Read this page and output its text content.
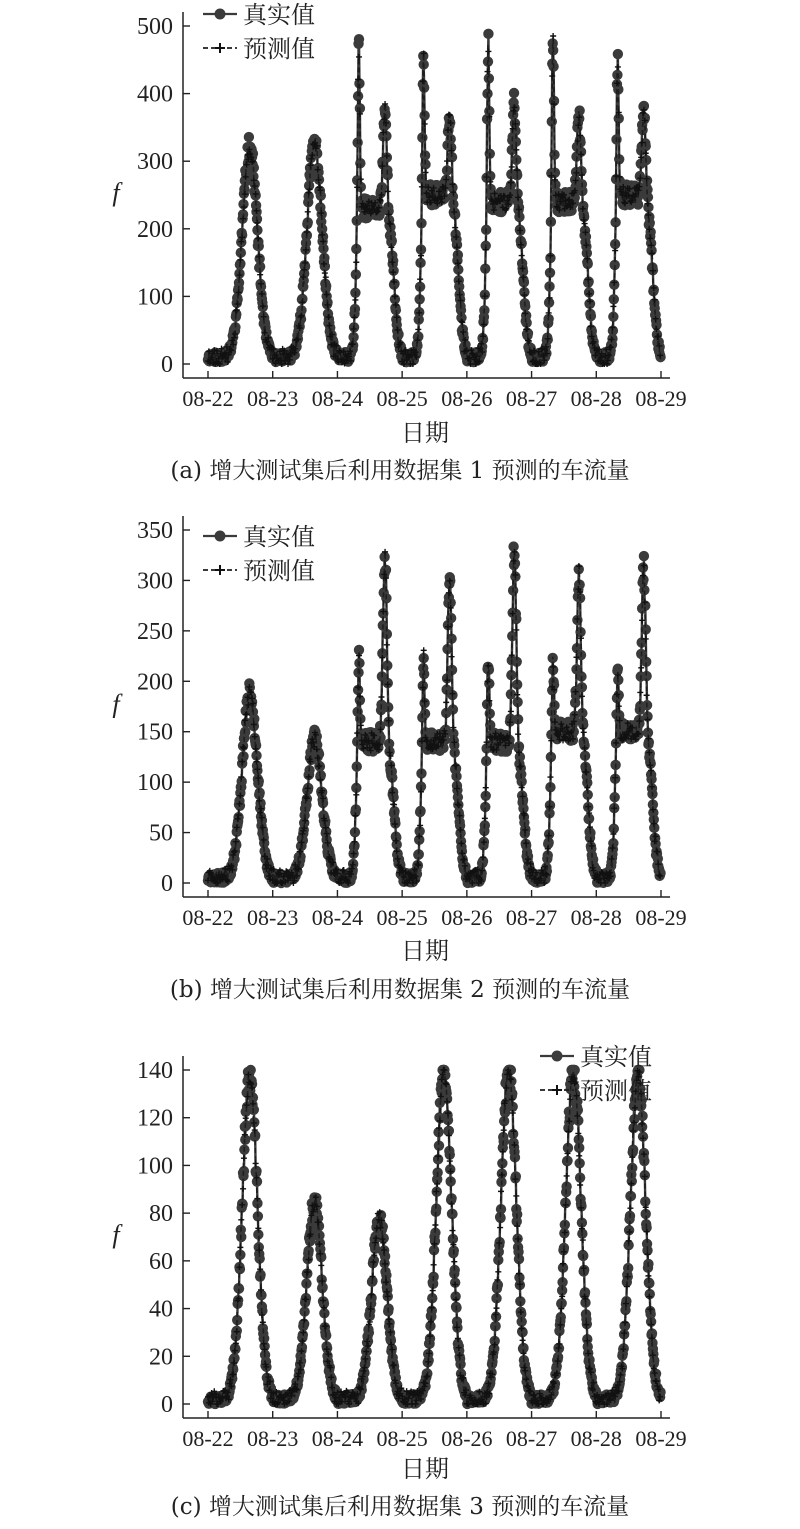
0
100
200
300
400
500
08-22 08-23 08-24 08-25 08-26 08-27 08-28 08-29
f
真实值
预测值
日期
(a) 增大测试集后利用数据集 1 预测的车流量
0
50
100
150
200
250
300
350
08-22 08-23 08-24 08-25 08-26 08-27 08-28 08-29
f
真实值
预测值
日期
(b) 增大测试集后利用数据集 2 预测的车流量
0
20
40
60
80
100
120
140
08-22 08-23 08-24 08-25 08-26 08-27 08-28 08-29
f
真实值
预测值
日期
(c) 增大测试集后利用数据集 3 预测的车流量
